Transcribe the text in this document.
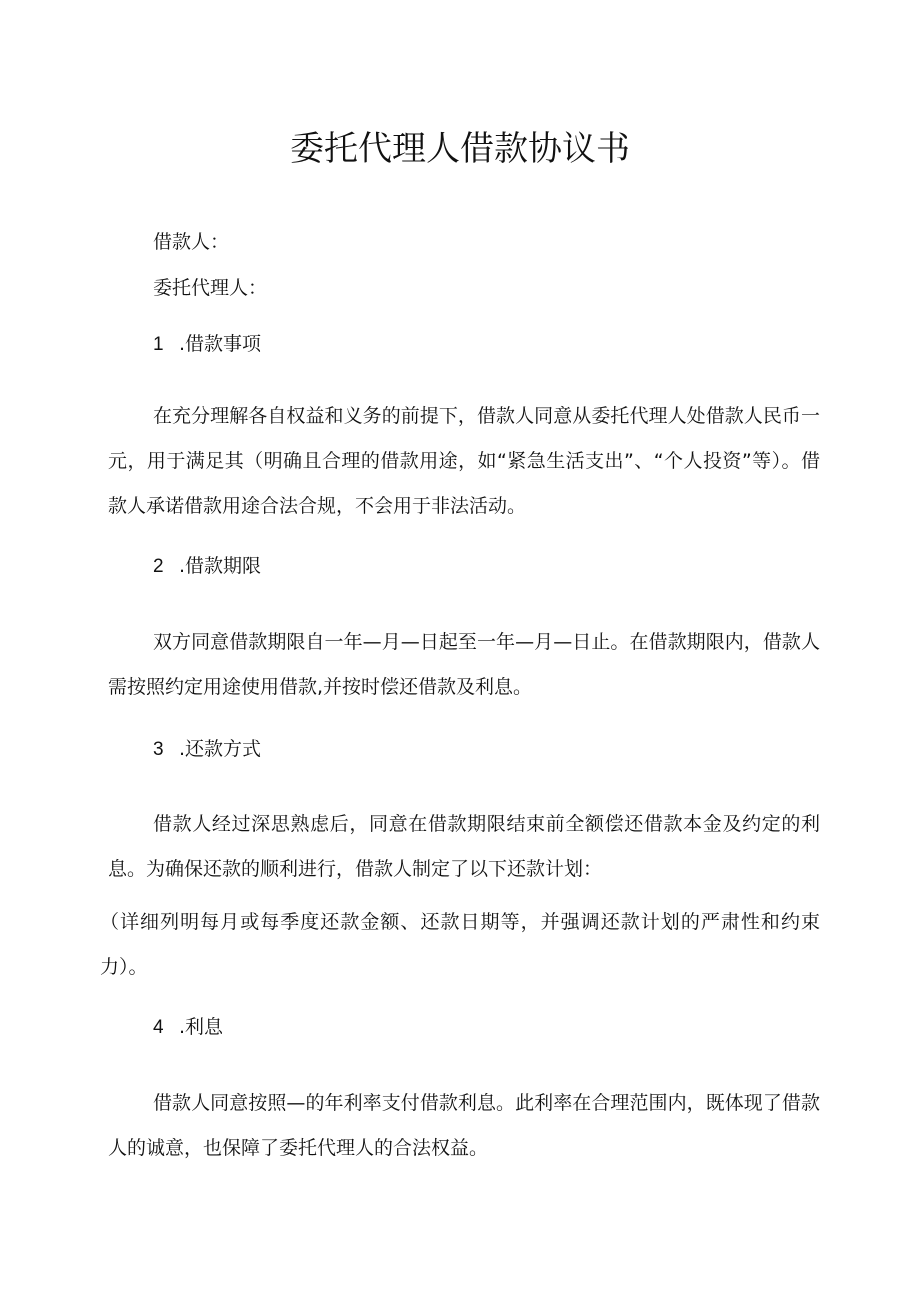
委托代理人借款协议书

借款人：

委托代理人：

1 .借款事项

在充分理解各自权益和义务的前提下，借款人同意从委托代理人处借款人民币一元，用于满足其（明确且合理的借款用途，如“紧急生活支出”、“个人投资”等）。借款人承诺借款用途合法合规，不会用于非法活动。

2 .借款期限

双方同意借款期限自一年—月—日起至一年—月—日止。在借款期限内，借款人需按照约定用途使用借款,并按时偿还借款及利息。

3 .还款方式

借款人经过深思熟虑后，同意在借款期限结束前全额偿还借款本金及约定的利息。为确保还款的顺利进行，借款人制定了以下还款计划：

（详细列明每月或每季度还款金额、还款日期等，并强调还款计划的严肃性和约束力）。

4 .利息

借款人同意按照—的年利率支付借款利息。此利率在合理范围内，既体现了借款人的诚意，也保障了委托代理人的合法权益。
